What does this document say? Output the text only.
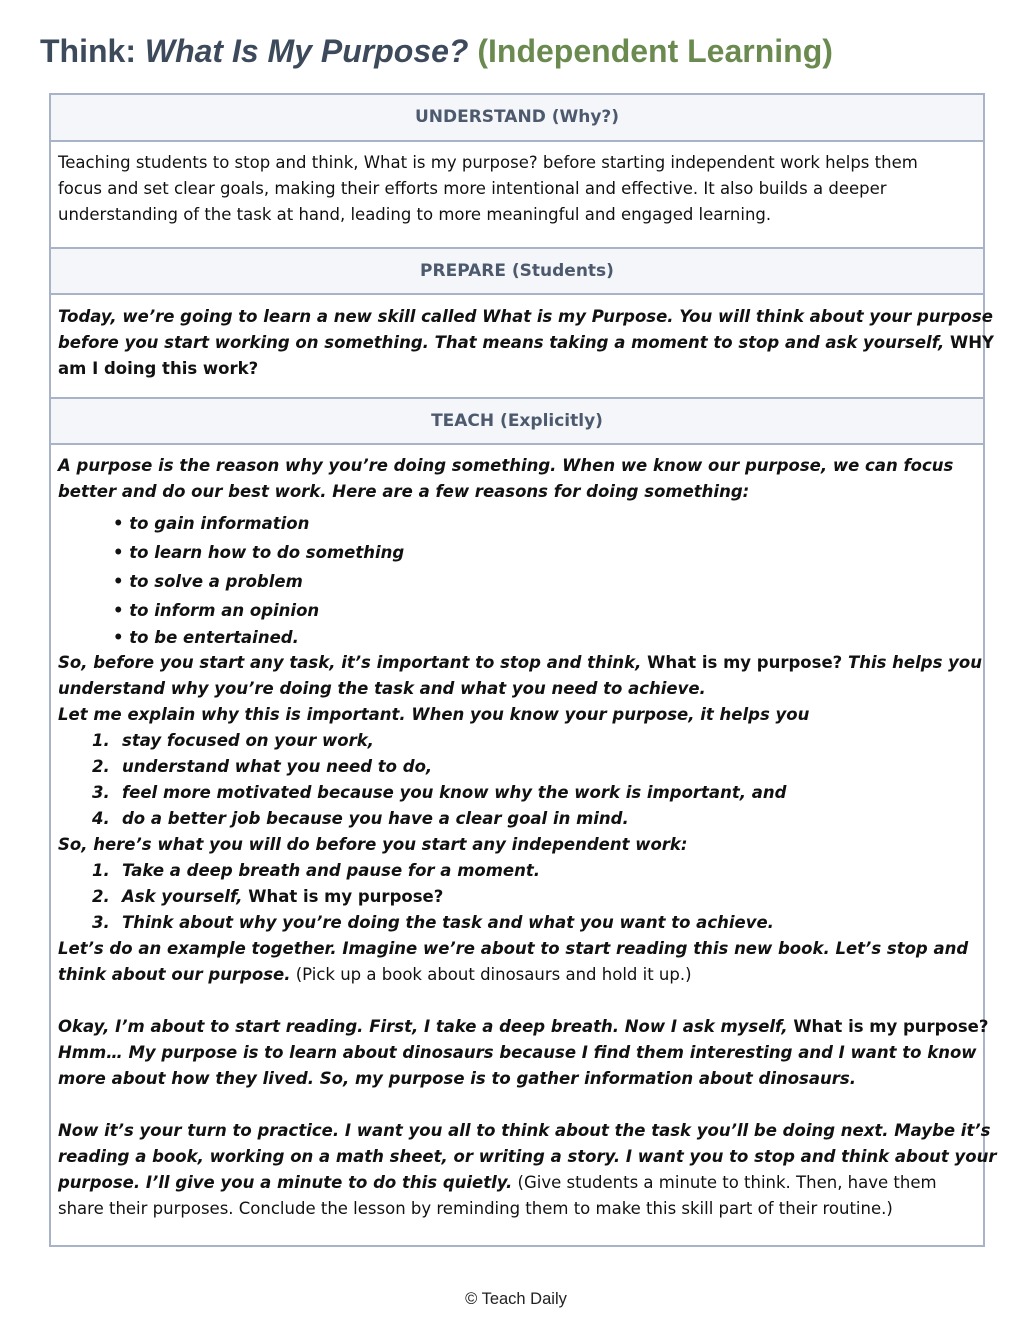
Think: What Is My Purpose? (Independent Learning)
UNDERSTAND (Why?)
Teaching students to stop and think, What is my purpose? before starting independent work helps them
focus and set clear goals, making their efforts more intentional and effective. It also builds a deeper
understanding of the task at hand, leading to more meaningful and engaged learning.
PREPARE (Students)
Today, we’re going to learn a new skill called What is my Purpose. You will think about your purpose
before you start working on something. That means taking a moment to stop and ask yourself, WHY
am I doing this work?
TEACH (Explicitly)
A purpose is the reason why you’re doing something. When we know our purpose, we can focus
better and do our best work. Here are a few reasons for doing something:
• to gain information
• to learn how to do something
• to solve a problem
• to inform an opinion
• to be entertained.
So, before you start any task, it’s important to stop and think, What is my purpose? This helps you
understand why you’re doing the task and what you need to achieve.
Let me explain why this is important. When you know your purpose, it helps you
1. stay focused on your work,
2. understand what you need to do,
3. feel more motivated because you know why the work is important, and
4. do a better job because you have a clear goal in mind.
So, here’s what you will do before you start any independent work:
1. Take a deep breath and pause for a moment.
2. Ask yourself, What is my purpose?
3. Think about why you’re doing the task and what you want to achieve.
Let’s do an example together. Imagine we’re about to start reading this new book. Let’s stop and
think about our purpose. (Pick up a book about dinosaurs and hold it up.)
Okay, I’m about to start reading. First, I take a deep breath. Now I ask myself, What is my purpose?
Hmm… My purpose is to learn about dinosaurs because I find them interesting and I want to know
more about how they lived. So, my purpose is to gather information about dinosaurs.
Now it’s your turn to practice. I want you all to think about the task you’ll be doing next. Maybe it’s
reading a book, working on a math sheet, or writing a story. I want you to stop and think about your
purpose. I’ll give you a minute to do this quietly. (Give students a minute to think. Then, have them
share their purposes. Conclude the lesson by reminding them to make this skill part of their routine.)
© Teach Daily
